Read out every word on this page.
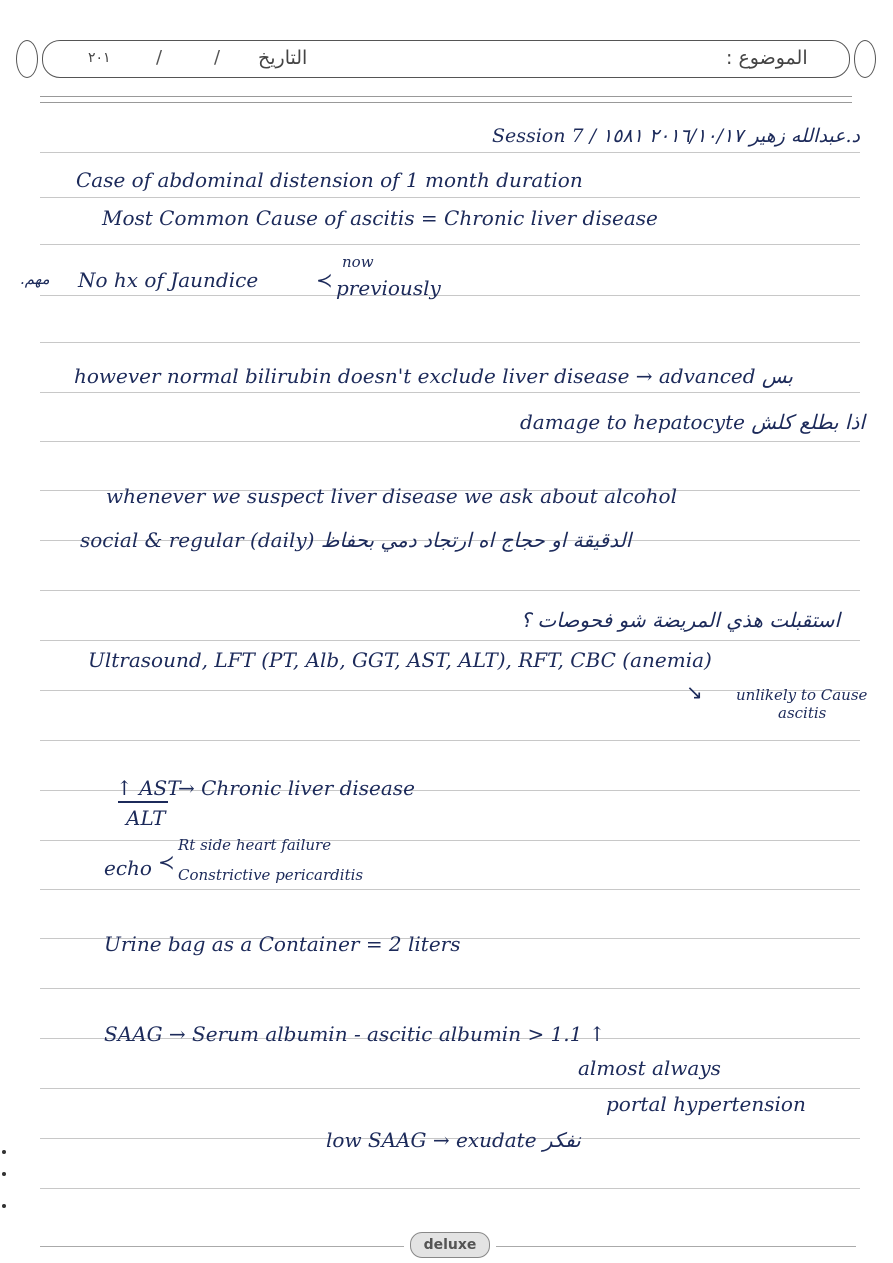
٢٠١	/	/ التاريخ	الموضوع :
د.عبدالله زهير ٢٠١٦/١٠/١٧ ١٥٨١ / Session 7
Case of abdominal distension of 1 month duration
Most Common Cause of ascitis = Chronic liver disease
مهم.
now
No hx of Jaundice	≺ previously
however normal bilirubin doesn't exclude liver disease → advanced بس
damage to hepatocyte اذا بطلع كلش
whenever we suspect liver disease we ask about alcohol
social & regular (daily) الدقيقة او حجاج اه ارتجاد دمي بحفاظ
استقبلت هذي المريضة شو فحوصات ؟
Ultrasound, LFT (PT, Alb, GGT, AST, ALT), RFT, CBC (anemia)
↘ unlikely to Cause
ascitis
↑ AST
ALT
→ Chronic liver disease
Rt side heart failure
echo ≺
Constrictive pericarditis
Urine bag as a Container = 2 liters
SAAG → Serum albumin - ascitic albumin > 1.1 ↑
almost always
portal hypertension
low SAAG → exudate نفكر
deluxe
